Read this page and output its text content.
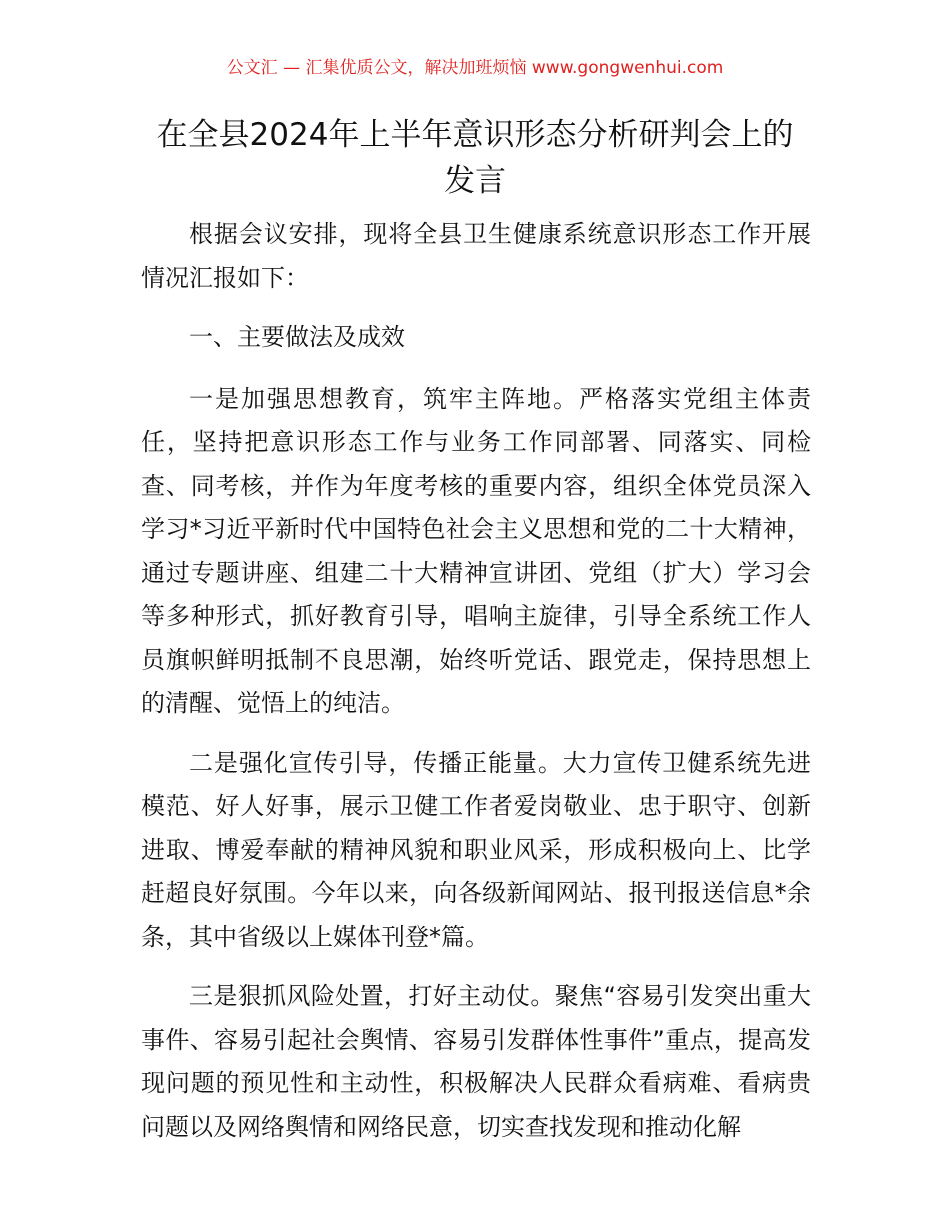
公文汇 — 汇集优质公文，解决加班烦恼 www.gongwenhui.com
在全县2024年上半年意识形态分析研判会上的
发言

根据会议安排，现将全县卫生健康系统意识形态工作开展情况汇报如下：

一、主要做法及成效

一是加强思想教育，筑牢主阵地。严格落实党组主体责任，坚持把意识形态工作与业务工作同部署、同落实、同检查、同考核，并作为年度考核的重要内容，组织全体党员深入学习*习近平新时代中国特色社会主义思想和党的二十大精神，通过专题讲座、组建二十大精神宣讲团、党组（扩大）学习会等多种形式，抓好教育引导，唱响主旋律，引导全系统工作人员旗帜鲜明抵制不良思潮，始终听党话、跟党走，保持思想上的清醒、觉悟上的纯洁。

二是强化宣传引导，传播正能量。大力宣传卫健系统先进模范、好人好事，展示卫健工作者爱岗敬业、忠于职守、创新进取、博爱奉献的精神风貌和职业风采，形成积极向上、比学赶超良好氛围。今年以来，向各级新闻网站、报刊报送信息*余条，其中省级以上媒体刊登*篇。

三是狠抓风险处置，打好主动仗。聚焦“容易引发突出重大事件、容易引起社会舆情、容易引发群体性事件”重点，提高发现问题的预见性和主动性，积极解决人民群众看病难、看病贵问题以及网络舆情和网络民意，切实查找发现和推动化解
